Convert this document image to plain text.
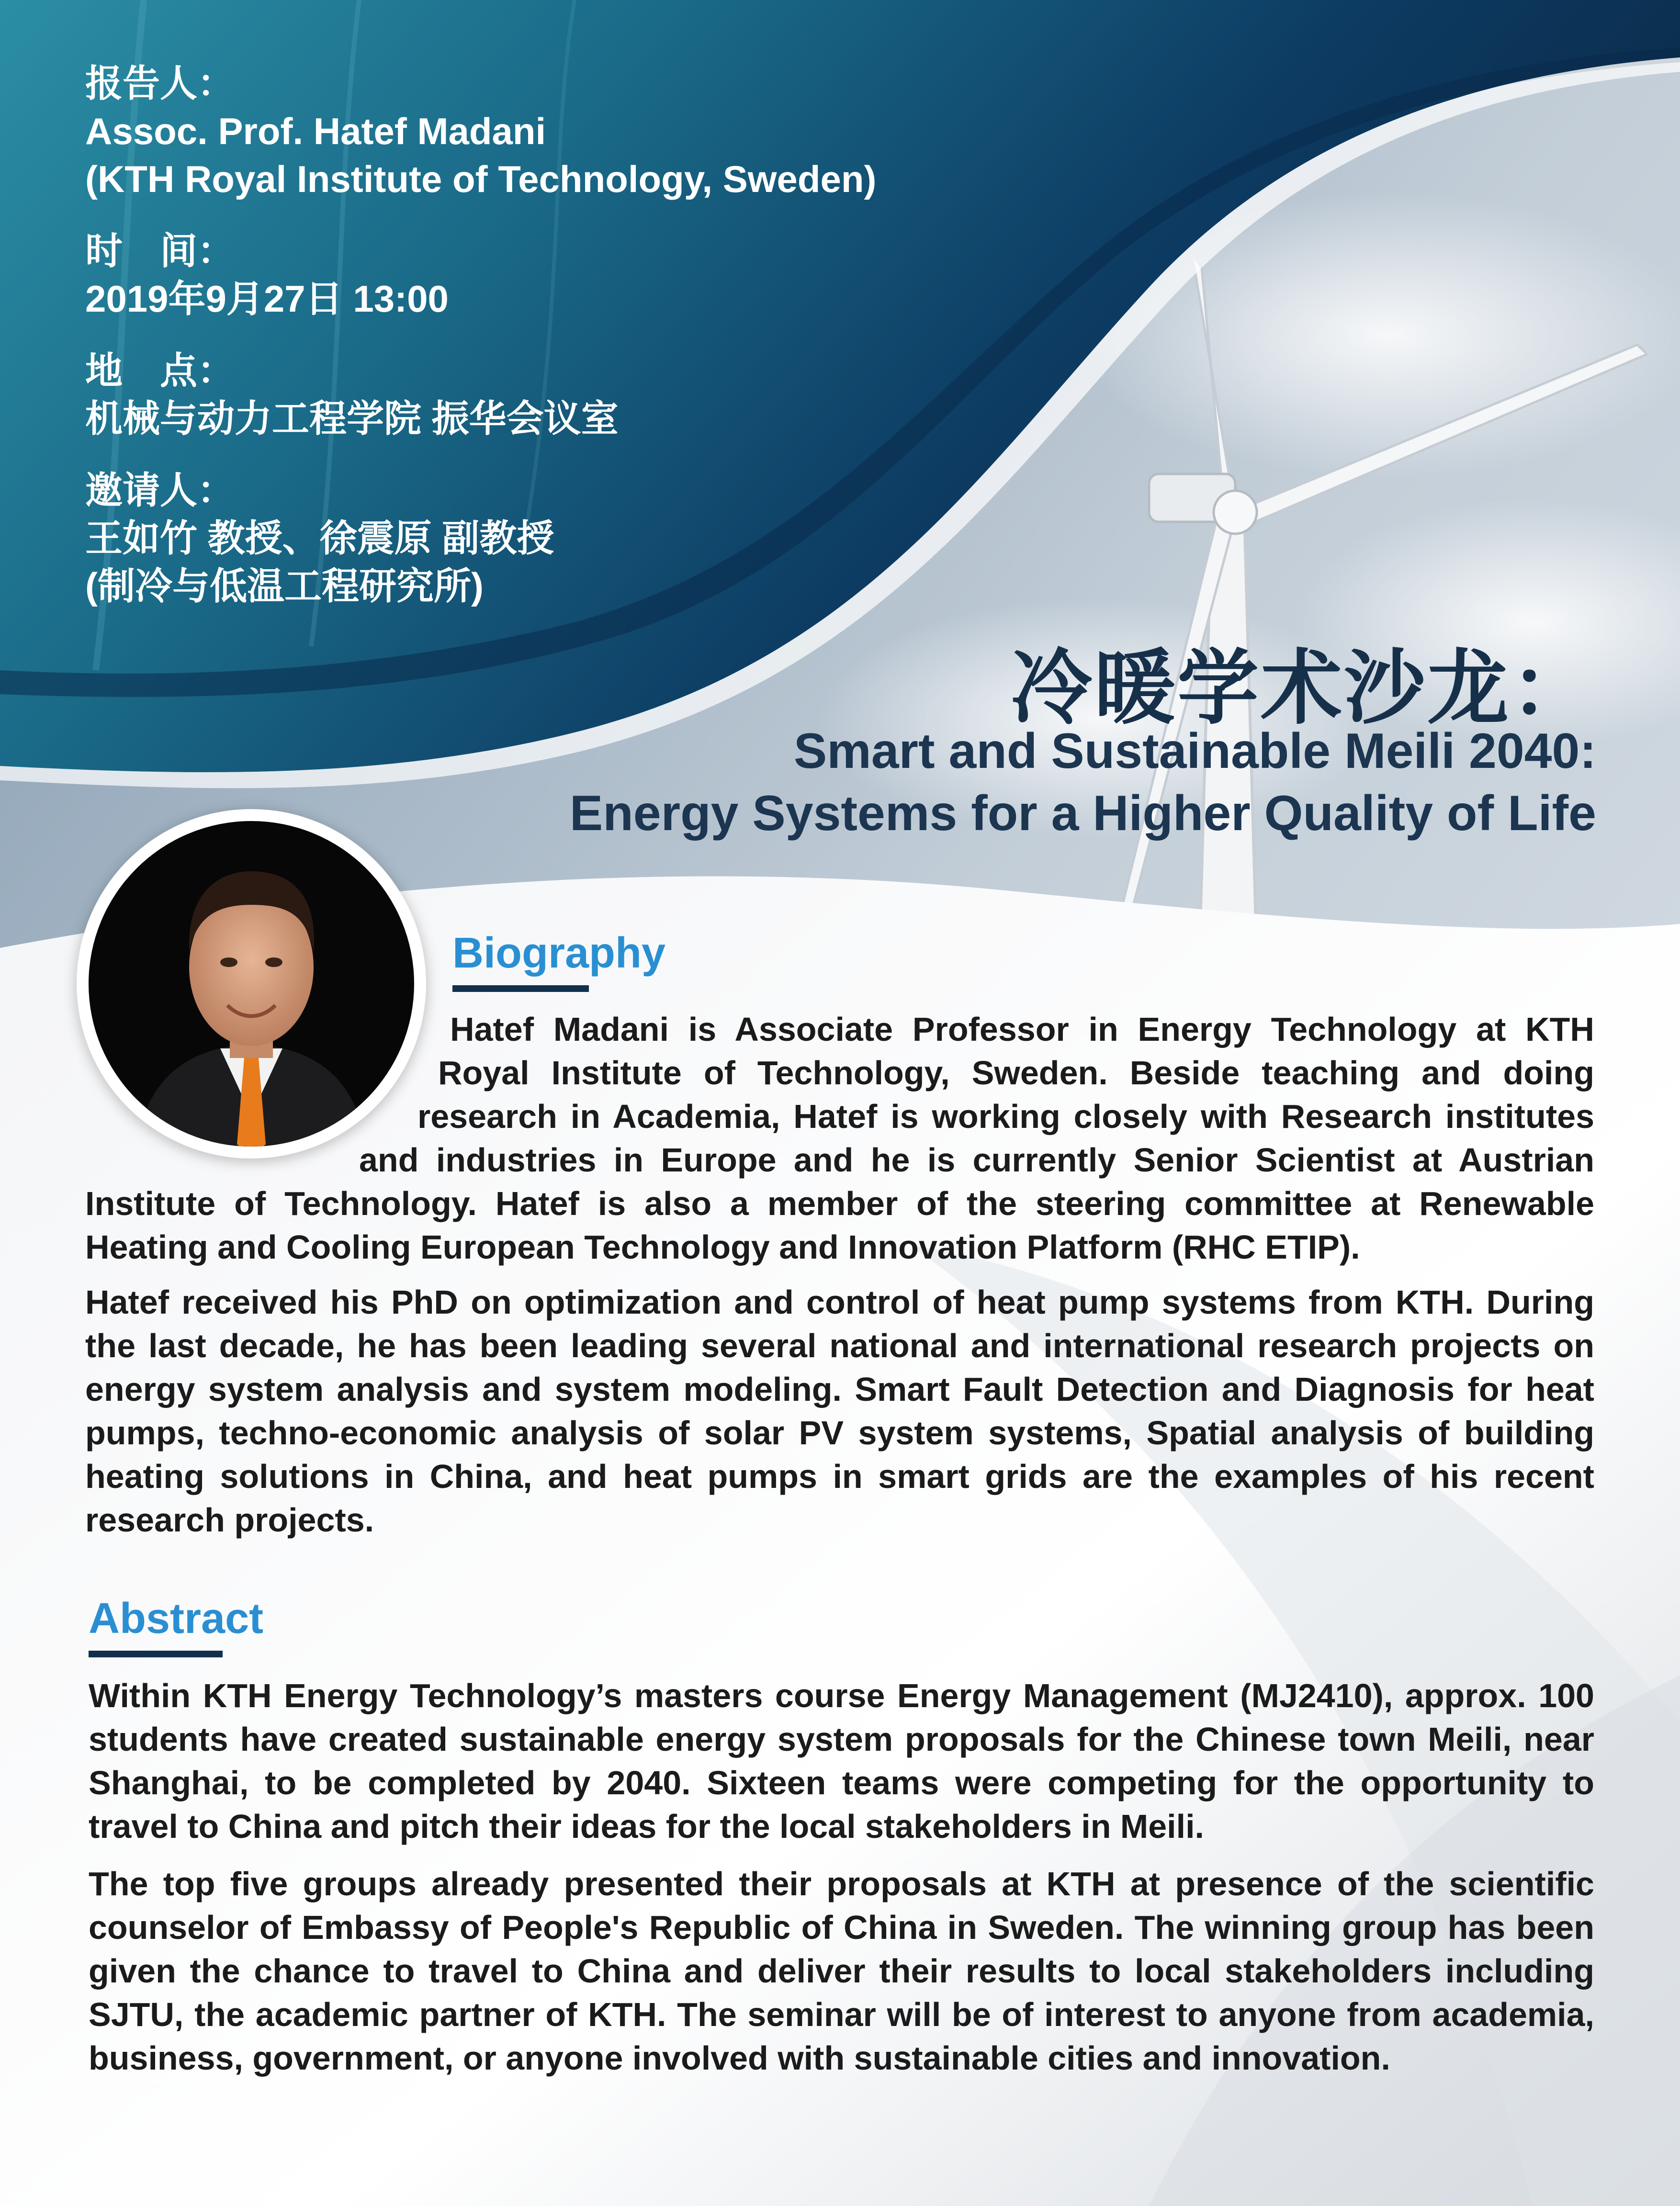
报告人：
Assoc. Prof. Hatef Madani
(KTH Royal Institute of Technology, Sweden)
时　间：
2019年9月27日 13:00
地　点：
机械与动力工程学院 振华会议室
邀请人：
王如竹 教授、徐震原 副教授
(制冷与低温工程研究所)
冷暖学术沙龙：
Smart and Sustainable Meili 2040:
Energy Systems for a Higher Quality of Life
Biography
Hatef Madani is Associate Professor in Energy Technology at KTH
Royal Institute of Technology, Sweden. Beside teaching and doing
research in Academia, Hatef is working closely with Research institutes
and industries in Europe and he is currently Senior Scientist at Austrian

Institute of Technology. Hatef is also a member of the steering committee at Renewable Heating and Cooling European Technology and Innovation Platform (RHC ETIP).

Hatef received his PhD on optimization and control of heat pump systems from KTH. During the last decade, he has been leading several national and international research projects on energy system analysis and system modeling. Smart Fault Detection and Diagnosis for heat pumps, techno-economic analysis of solar PV system systems, Spatial analysis of building heating solutions in China, and heat pumps in smart grids are the examples of his recent research projects.

Abstract

Within KTH Energy Technology’s masters course Energy Management (MJ2410), approx. 100 students have created sustainable energy system proposals for the Chinese town Meili, near Shanghai, to be completed by 2040. Sixteen teams were competing for the opportunity to travel to China and pitch their ideas for the local stakeholders in Meili.

The top five groups already presented their proposals at KTH at presence of the scientific counselor of Embassy of People's Republic of China in Sweden. The winning group has been given the chance to travel to China and deliver their results to local stakeholders including SJTU, the academic partner of KTH. The seminar will be of interest to anyone from academia, business, government, or anyone involved with sustainable cities and innovation.
